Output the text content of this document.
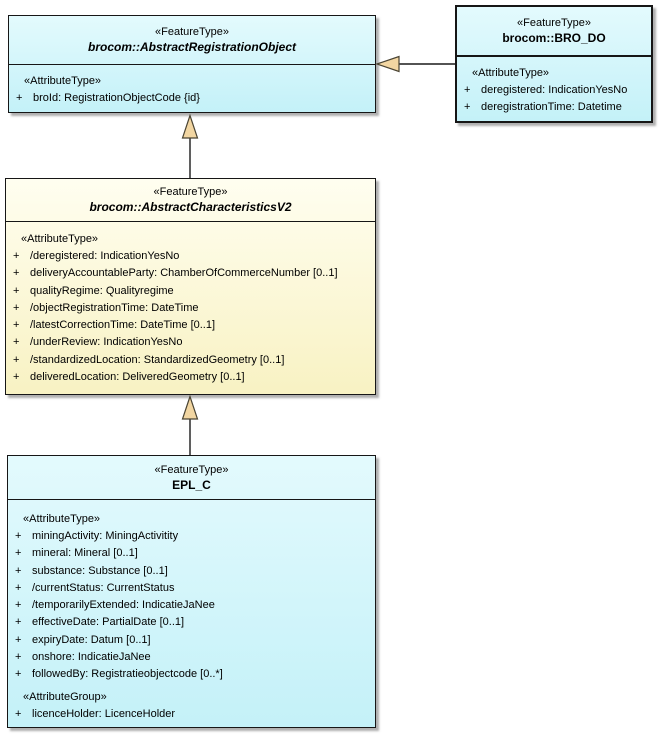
«FeatureType»
brocom::AbstractRegistrationObject
«AttributeType»
+ broId: RegistrationObjectCode {id}
«FeatureType»
brocom::BRO_DO
«AttributeType»
+ deregistered: IndicationYesNo
+ deregistrationTime: Datetime
«FeatureType»
brocom::AbstractCharacteristicsV2
«AttributeType»
+ /deregistered: IndicationYesNo
+ deliveryAccountableParty: ChamberOfCommerceNumber [0..1]
+ qualityRegime: Qualityregime
+ /objectRegistrationTime: DateTime
+ /latestCorrectionTime: DateTime [0..1]
+ /underReview: IndicationYesNo
+ /standardizedLocation: StandardizedGeometry [0..1]
+ deliveredLocation: DeliveredGeometry [0..1]
«FeatureType»
EPL_C
«AttributeType»
+ miningActivity: MiningActivitity
+ mineral: Mineral [0..1]
+ substance: Substance [0..1]
+ /currentStatus: CurrentStatus
+ /temporarilyExtended: IndicatieJaNee
+ effectiveDate: PartialDate [0..1]
+ expiryDate: Datum [0..1]
+ onshore: IndicatieJaNee
+ followedBy: Registratieobjectcode [0..*]
«AttributeGroup»
+ licenceHolder: LicenceHolder
